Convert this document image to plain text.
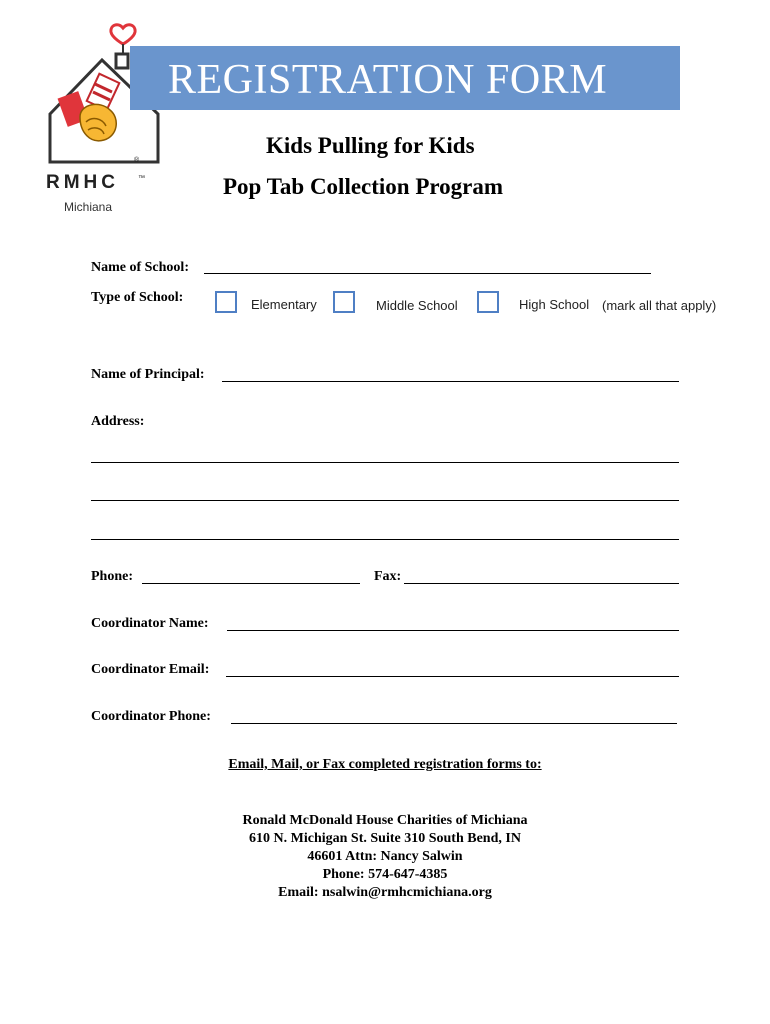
®
RMHC	™
Michiana
REGISTRATION FORM
Kids Pulling for Kids
Pop Tab Collection Program
Name of School:
Type of School:	Elementary	Middle School	High School (mark all that apply)
Name of Principal:
Address:
Phone:	Fax:
Coordinator Name:
Coordinator Email:
Coordinator Phone:
Email, Mail, or Fax completed registration forms to:
Ronald McDonald House Charities of Michiana
610 N. Michigan St. Suite 310 South Bend, IN
46601 Attn: Nancy Salwin
Phone: 574-647-4385
Email: nsalwin@rmhcmichiana.org
